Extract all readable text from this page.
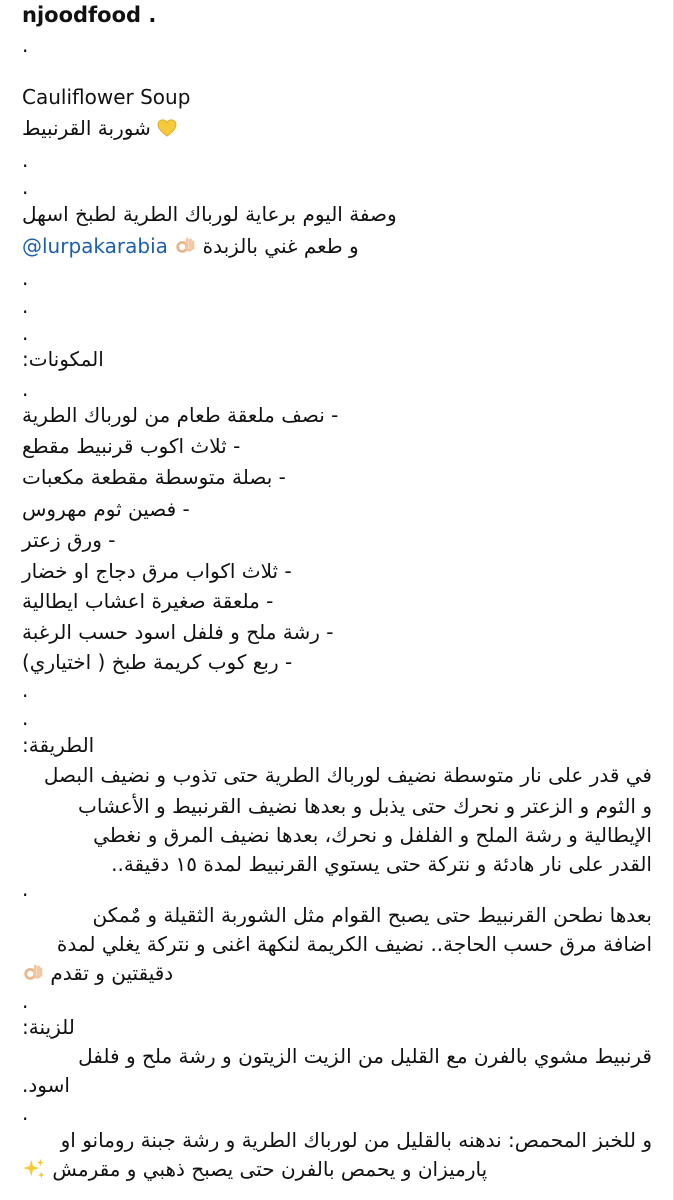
njoodfood .
.
Cauliflower Soup
شوربة القرنبيط
.
.
وصفة اليوم برعاية لورباك الطرية لطبخ اسهل
@lurpakarabia و طعم غني بالزبدة
.
.
.
المكونات:
.
- نصف ملعقة طعام من لورباك الطرية
- ثلاث اكوب قرنبيط مقطع
- بصلة متوسطة مقطعة مكعبات
- فصين ثوم مهروس
- ورق زعتر
- ثلاث اكواب مرق دجاج او خضار
- ملعقة صغيرة اعشاب ايطالية
- رشة ملح و فلفل اسود حسب الرغبة
- ربع كوب كريمة طبخ ( اختياري)
.
.
الطريقة:
في قدر على نار متوسطة نضيف لورباك الطرية حتى تذوب و نضيف البصل
و الثوم و الزعتر و نحرك حتى يذبل و بعدها نضيف القرنبيط و الأعشاب
الإيطالية و رشة الملح و الفلفل و نحرك، بعدها نضيف المرق و نغطي
القدر على نار هادئة و نتركة حتى يستوي القرنبيط لمدة ١٥ دقيقة..
.
بعدها نطحن القرنبيط حتى يصبح القوام مثل الشوربة الثقيلة و مٌمكن
اضافة مرق حسب الحاجة.. نضيف الكريمة لنكهة اغنى و نتركة يغلي لمدة
دقيقتين و تقدم
.
للزينة:
قرنبيط مشوي بالفرن مع القليل من الزيت الزيتون و رشة ملح و فلفل
اسود.
.
و للخبز المحمص: ندهنه بالقليل من لورباك الطرية و رشة جبنة رومانو او
پارميزان و يحمص بالفرن حتى يصبح ذهبي و مقرمش
